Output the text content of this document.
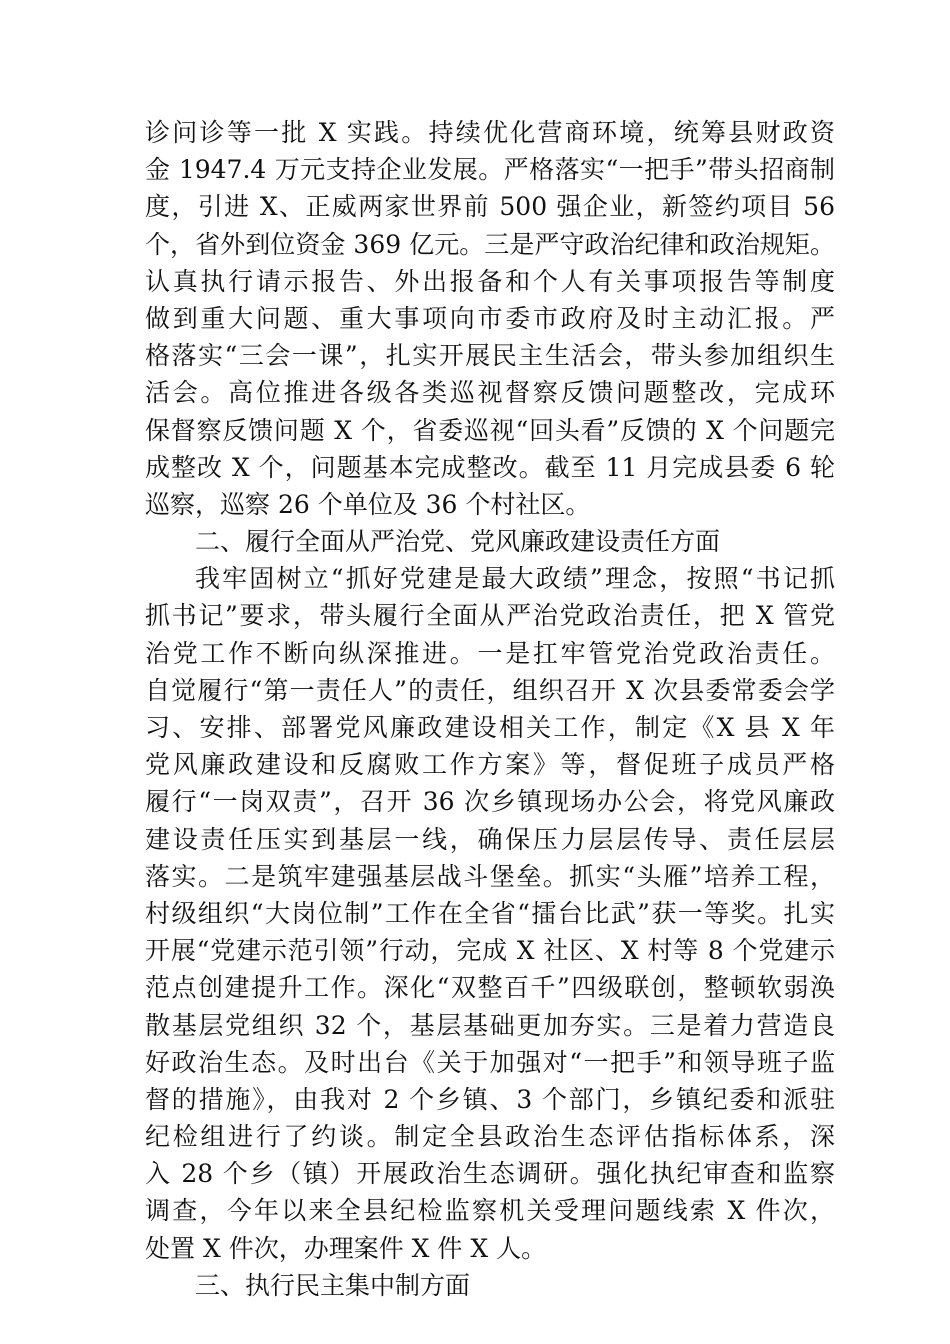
诊问诊等一批 X 实践。持续优化营商环境，统筹县财政资
金 1947.4 万元支持企业发展。严格落实“一把手”带头招商制
度，引进 X、正威两家世界前 500 强企业，新签约项目 56
个，省外到位资金 369 亿元。三是严守政治纪律和政治规矩。
认真执行请示报告、外出报备和个人有关事项报告等制度
做到重大问题、重大事项向市委市政府及时主动汇报。严
格落实“三会一课”，扎实开展民主生活会，带头参加组织生
活会。高位推进各级各类巡视督察反馈问题整改，完成环
保督察反馈问题 X 个，省委巡视“回头看”反馈的 X 个问题完
成整改 X 个，问题基本完成整改。截至 11 月完成县委 6 轮
巡察，巡察 26 个单位及 36 个村社区。
二、履行全面从严治党、党风廉政建设责任方面
我牢固树立“抓好党建是最大政绩”理念，按照“书记抓
抓书记”要求，带头履行全面从严治党政治责任，把 X 管党
治党工作不断向纵深推进。一是扛牢管党治党政治责任。
自觉履行“第一责任人”的责任，组织召开 X 次县委常委会学
习、安排、部署党风廉政建设相关工作，制定《X 县 X 年
党风廉政建设和反腐败工作方案》等，督促班子成员严格
履行“一岗双责”，召开 36 次乡镇现场办公会，将党风廉政
建设责任压实到基层一线，确保压力层层传导、责任层层
落实。二是筑牢建强基层战斗堡垒。抓实“头雁”培养工程，
村级组织“大岗位制”工作在全省“擂台比武”获一等奖。扎实
开展“党建示范引领”行动，完成 X 社区、X 村等 8 个党建示
范点创建提升工作。深化“双整百千”四级联创，整顿软弱涣
散基层党组织 32 个，基层基础更加夯实。三是着力营造良
好政治生态。及时出台《关于加强对“一把手”和领导班子监
督的措施》，由我对 2 个乡镇、3 个部门，乡镇纪委和派驻
纪检组进行了约谈。制定全县政治生态评估指标体系，深
入 28 个乡（镇）开展政治生态调研。强化执纪审查和监察
调查，今年以来全县纪检监察机关受理问题线索 X 件次，
处置 X 件次，办理案件 X 件 X 人。
三、执行民主集中制方面
